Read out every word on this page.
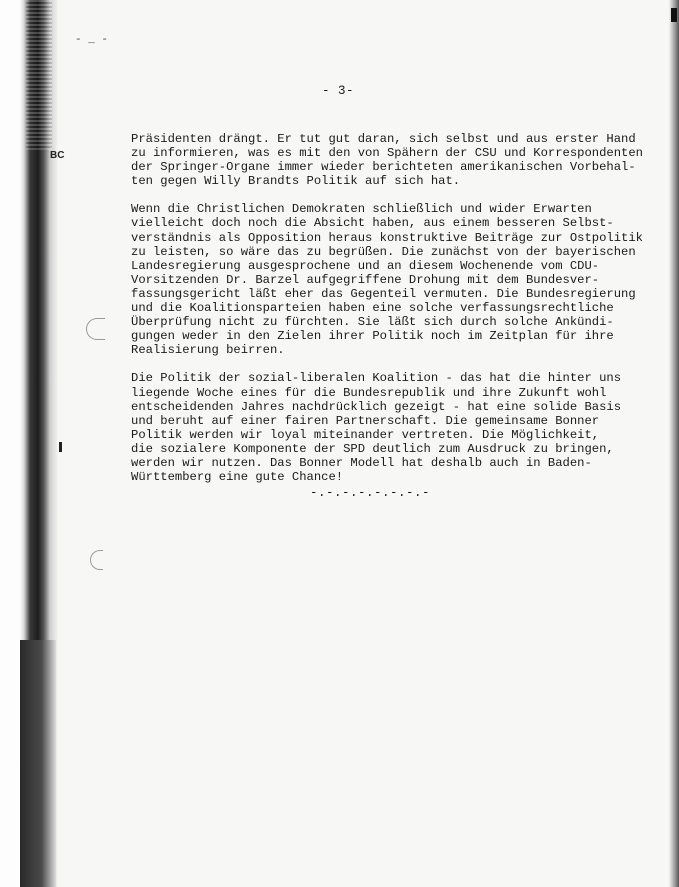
BC
- _ -
- 3-

Präsidenten drängt. Er tut gut daran, sich selbst und aus erster Hand
zu informieren, was es mit den von Spähern der CSU und Korrespondenten
der Springer-Organe immer wieder berichteten amerikanischen Vorbehal-
ten gegen Willy Brandts Politik auf sich hat.

Wenn die Christlichen Demokraten schließlich und wider Erwarten
vielleicht doch noch die Absicht haben, aus einem besseren Selbst-
verständnis als Opposition heraus konstruktive Beiträge zur Ostpolitik
zu leisten, so wäre das zu begrüßen. Die zunächst von der bayerischen
Landesregierung ausgesprochene und an diesem Wochenende vom CDU-
Vorsitzenden Dr. Barzel aufgegriffene Drohung mit dem Bundesver-
fassungsgericht läßt eher das Gegenteil vermuten. Die Bundesregierung
und die Koalitionsparteien haben eine solche verfassungsrechtliche
Überprüfung nicht zu fürchten. Sie läßt sich durch solche Ankündi-
gungen weder in den Zielen ihrer Politik noch im Zeitplan für ihre
Realisierung beirren.

Die Politik der sozial-liberalen Koalition - das hat die hinter uns
liegende Woche eines für die Bundesrepublik und ihre Zukunft wohl
entscheidenden Jahres nachdrücklich gezeigt - hat eine solide Basis
und beruht auf einer fairen Partnerschaft. Die gemeinsame Bonner
Politik werden wir loyal miteinander vertreten. Die Möglichkeit,
die sozialere Komponente der SPD deutlich zum Ausdruck zu bringen,
werden wir nutzen. Das Bonner Modell hat deshalb auch in Baden-
Württemberg eine gute Chance!

-.-.-.-.-.-.-.-
